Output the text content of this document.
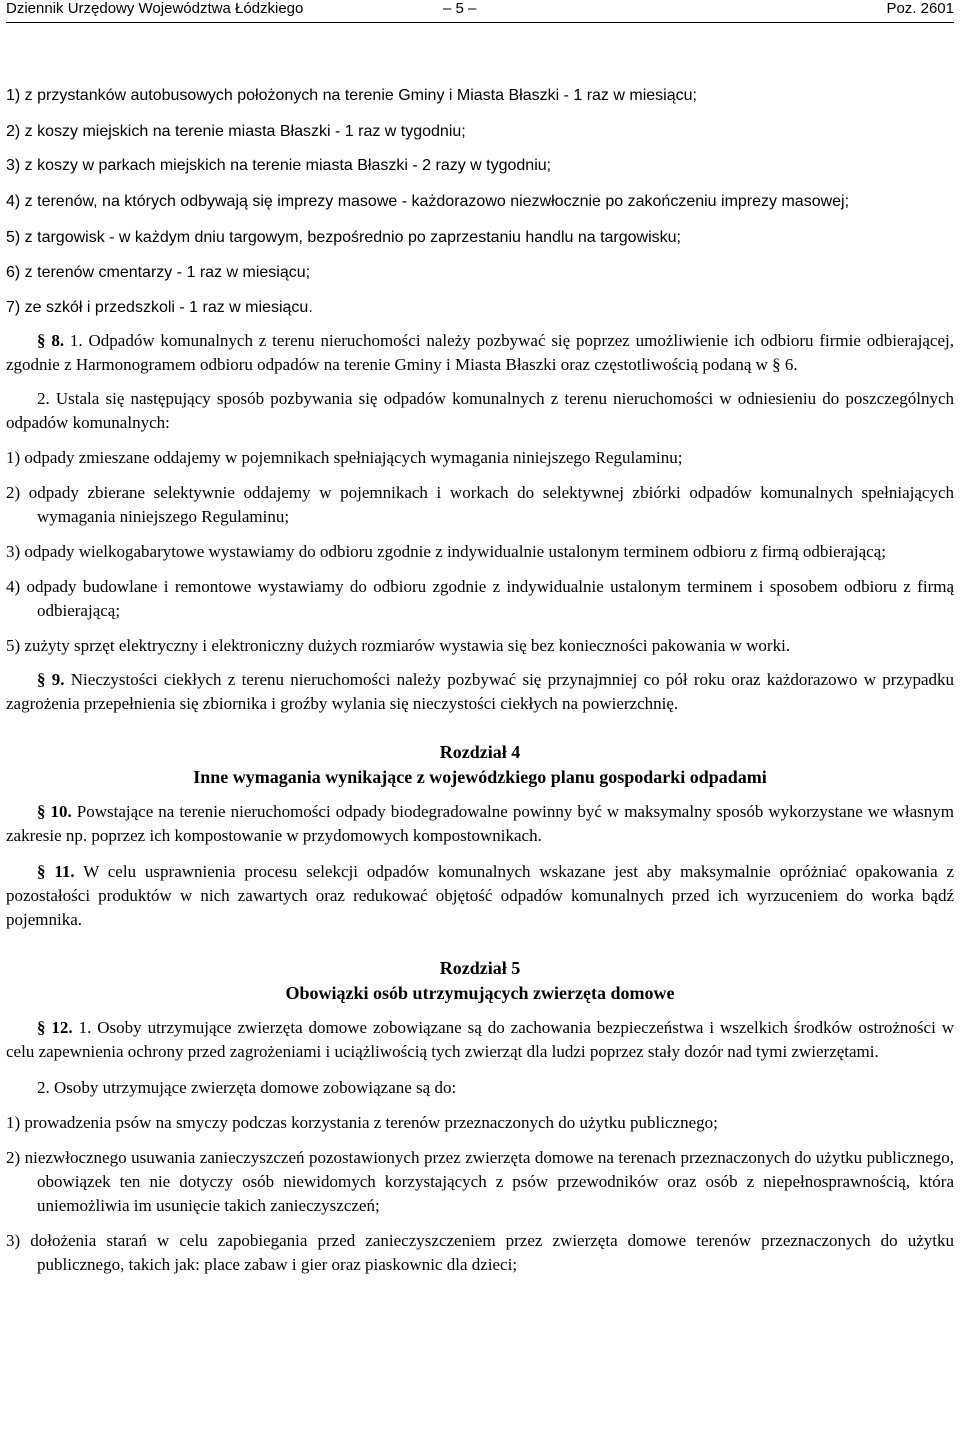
Dziennik Urzędowy Województwa Łódzkiego	– 5 –	Poz. 2601

1) z przystanków autobusowych położonych na terenie Gminy i Miasta Błaszki - 1 raz w miesiącu;

2) z koszy miejskich na terenie miasta Błaszki - 1 raz w tygodniu;

3) z koszy w parkach miejskich na terenie miasta Błaszki - 2 razy w tygodniu;

4) z terenów, na których odbywają się imprezy masowe - każdorazowo niezwłocznie po zakończeniu imprezy masowej;

5) z targowisk - w każdym dniu targowym, bezpośrednio po zaprzestaniu handlu na targowisku;

6) z terenów cmentarzy - 1 raz w miesiącu;

7) ze szkół i przedszkoli - 1 raz w miesiącu.

§ 8. 1. Odpadów komunalnych z terenu nieruchomości należy pozbywać się poprzez umożliwienie ich odbioru firmie odbierającej, zgodnie z Harmonogramem odbioru odpadów na terenie Gminy i Miasta Błaszki oraz częstotliwością podaną w § 6.

2. Ustala się następujący sposób pozbywania się odpadów komunalnych z terenu nieruchomości w odniesieniu do poszczególnych odpadów komunalnych:

1) odpady zmieszane oddajemy w pojemnikach spełniających wymagania niniejszego Regulaminu;

2) odpady zbierane selektywnie oddajemy w pojemnikach i workach do selektywnej zbiórki odpadów komunalnych spełniających wymagania niniejszego Regulaminu;

3) odpady wielkogabarytowe wystawiamy do odbioru zgodnie z indywidualnie ustalonym terminem odbioru z firmą odbierającą;

4) odpady budowlane i remontowe wystawiamy do odbioru zgodnie z indywidualnie ustalonym terminem i sposobem odbioru z firmą odbierającą;

5) zużyty sprzęt elektryczny i elektroniczny dużych rozmiarów wystawia się bez konieczności pakowania w worki.

§ 9. Nieczystości ciekłych z terenu nieruchomości należy pozbywać się przynajmniej co pół roku oraz każdorazowo w przypadku zagrożenia przepełnienia się zbiornika i groźby wylania się nieczystości ciekłych na powierzchnię.

Rozdział 4

Inne wymagania wynikające z wojewódzkiego planu gospodarki odpadami

§ 10. Powstające na terenie nieruchomości odpady biodegradowalne powinny być w maksymalny sposób wykorzystane we własnym zakresie np. poprzez ich kompostowanie w przydomowych kompostownikach.

§ 11. W celu usprawnienia procesu selekcji odpadów komunalnych wskazane jest aby maksymalnie opróżniać opakowania z pozostałości produktów w nich zawartych oraz redukować objętość odpadów komunalnych przed ich wyrzuceniem do worka bądź pojemnika.

Rozdział 5

Obowiązki osób utrzymujących zwierzęta domowe

§ 12. 1. Osoby utrzymujące zwierzęta domowe zobowiązane są do zachowania bezpieczeństwa i wszelkich środków ostrożności w celu zapewnienia ochrony przed zagrożeniami i uciążliwością tych zwierząt dla ludzi poprzez stały dozór nad tymi zwierzętami.

2. Osoby utrzymujące zwierzęta domowe zobowiązane są do:

1) prowadzenia psów na smyczy podczas korzystania z terenów przeznaczonych do użytku publicznego;

2) niezwłocznego usuwania zanieczyszczeń pozostawionych przez zwierzęta domowe na terenach przeznaczonych do użytku publicznego, obowiązek ten nie dotyczy osób niewidomych korzystających z psów przewodników oraz osób z niepełnosprawnością, która uniemożliwia im usunięcie takich zanieczyszczeń;

3) dołożenia starań w celu zapobiegania przed zanieczyszczeniem przez zwierzęta domowe terenów przeznaczonych do użytku publicznego, takich jak: place zabaw i gier oraz piaskownic dla dzieci;
